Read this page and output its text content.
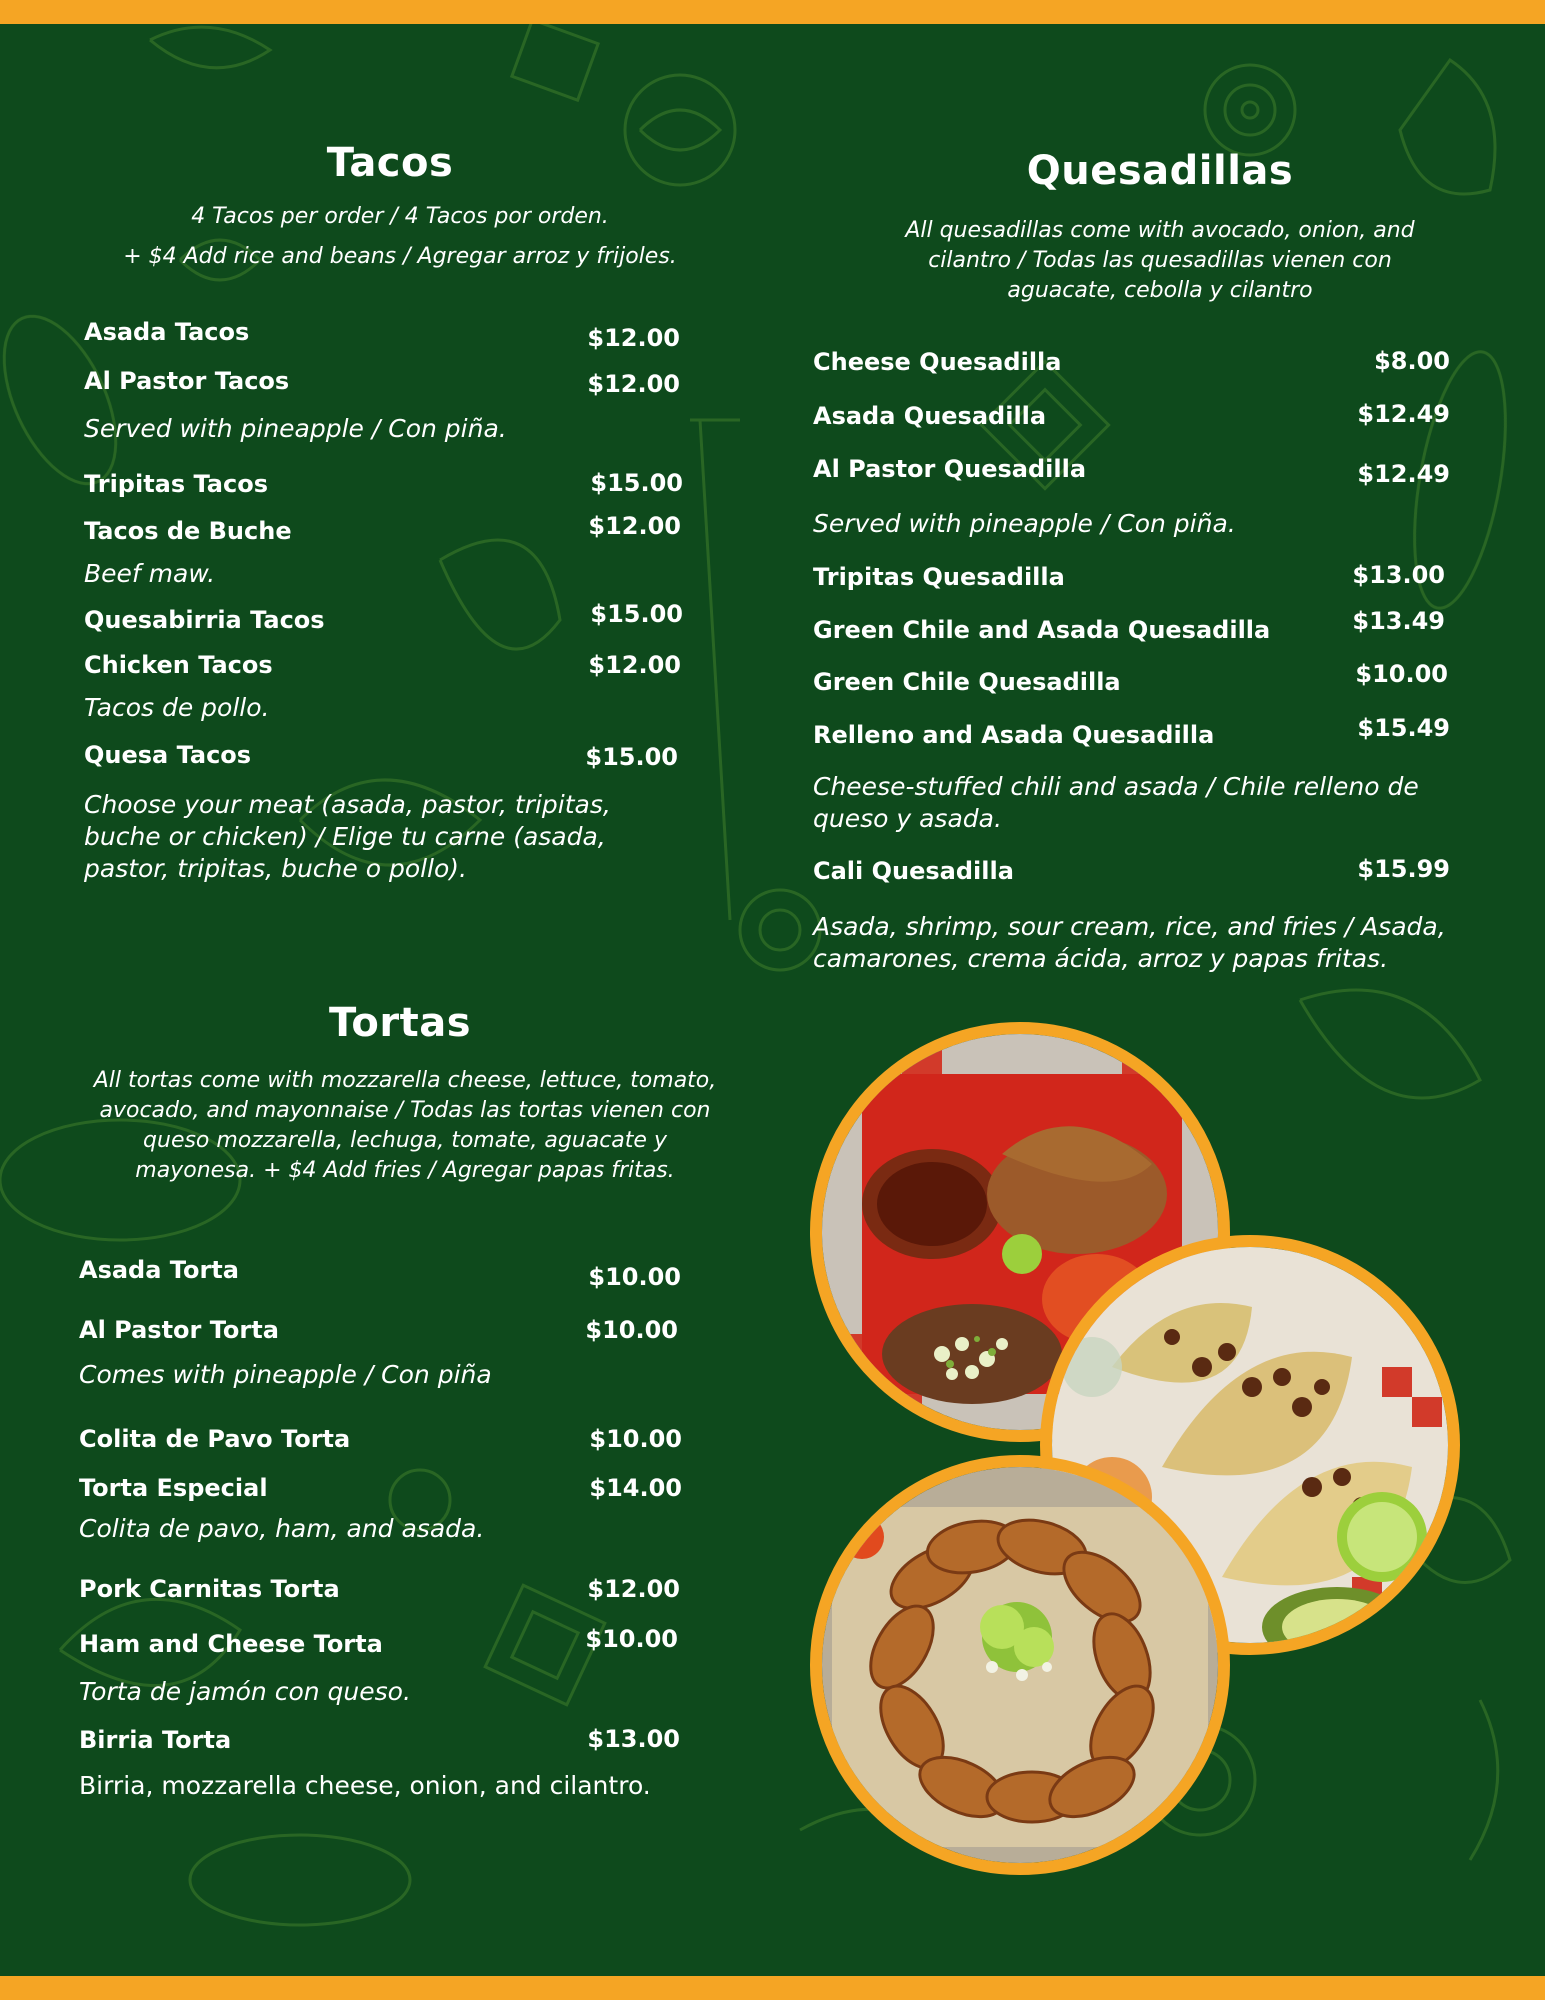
Tacos
4 Tacos per order / 4 Tacos por orden.
+ $4 Add rice and beans / Agregar arroz y frijoles.
Asada Tacos	$12.00
Al Pastor Tacos	$12.00
Served with pineapple / Con piña.
Tripitas Tacos	$15.00
Tacos de Buche	$12.00
Beef maw.
Quesabirria Tacos	$15.00
Chicken Tacos	$12.00
Tacos de pollo.
Quesa Tacos	$15.00
Choose your meat (asada, pastor, tripitas, buche or chicken) / Elige tu carne (asada, pastor, tripitas, buche o pollo).
Quesadillas
All quesadillas come with avocado, onion, and cilantro / Todas las quesadillas vienen con aguacate, cebolla y cilantro
Cheese Quesadilla	$8.00
Asada Quesadilla	$12.49
Al Pastor Quesadilla	$12.49
Served with pineapple / Con piña.
Tripitas Quesadilla	$13.00
Green Chile and Asada Quesadilla	$13.49
Green Chile Quesadilla	$10.00
Relleno and Asada Quesadilla	$15.49
Cheese-stuffed chili and asada / Chile relleno de queso y asada.
Cali Quesadilla	$15.99
Asada, shrimp, sour cream, rice, and fries / Asada, camarones, crema ácida, arroz y papas fritas.
Tortas
All tortas come with mozzarella cheese, lettuce, tomato, avocado, and mayonnaise / Todas las tortas vienen con queso mozzarella, lechuga, tomate, aguacate y mayonesa. + $4 Add fries / Agregar papas fritas.
Asada Torta	$10.00
Al Pastor Torta	$10.00
Comes with pineapple / Con piña
Colita de Pavo Torta	$10.00
Torta Especial	$14.00
Colita de pavo, ham, and asada.
Pork Carnitas Torta	$12.00
Ham and Cheese Torta	$10.00
Torta de jamón con queso.
Birria Torta	$13.00
Birria, mozzarella cheese, onion, and cilantro.
